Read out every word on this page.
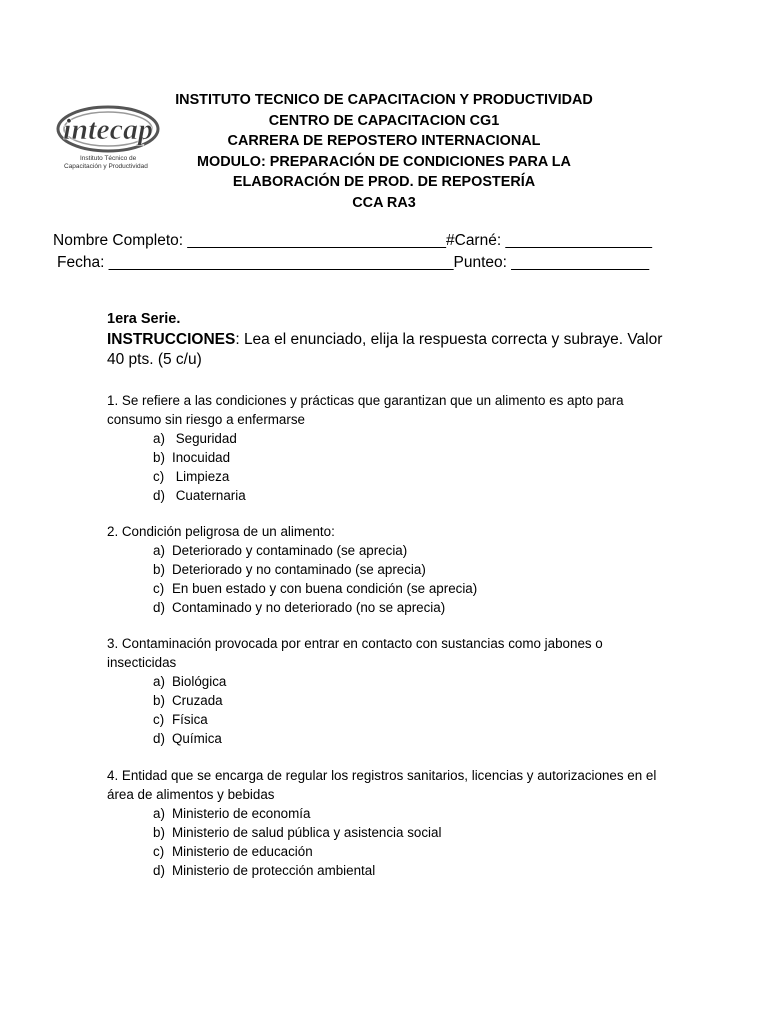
intecap
Instituto Técnico de
Capacitación y Productividad
INSTITUTO TECNICO DE CAPACITACION Y PRODUCTIVIDAD
CENTRO DE CAPACITACION CG1
CARRERA DE REPOSTERO INTERNACIONAL
MODULO: PREPARACIÓN DE CONDICIONES PARA LA
ELABORACIÓN DE PROD. DE REPOSTERÍA
CCA RA3
Nombre Completo: ______________________________#Carné: _________________
Fecha: ________________________________________Punteo: ________________
1era Serie.
INSTRUCCIONES: Lea el enunciado, elija la respuesta correcta y subraye. Valor 40 pts. (5 c/u)
1. Se refiere a las condiciones y prácticas que garantizan que un alimento es apto para consumo sin riesgo a enfermarse
a) Seguridad
b) Inocuidad
c) Limpieza
d) Cuaternaria
2. Condición peligrosa de un alimento:
a) Deteriorado y contaminado (se aprecia)
b) Deteriorado y no contaminado (se aprecia)
c) En buen estado y con buena condición (se aprecia)
d) Contaminado y no deteriorado (no se aprecia)
3. Contaminación provocada por entrar en contacto con sustancias como jabones o insecticidas
a) Biológica
b) Cruzada
c) Física
d) Química
4. Entidad que se encarga de regular los registros sanitarios, licencias y autorizaciones en el área de alimentos y bebidas
a) Ministerio de economía
b) Ministerio de salud pública y asistencia social
c) Ministerio de educación
d) Ministerio de protección ambiental
